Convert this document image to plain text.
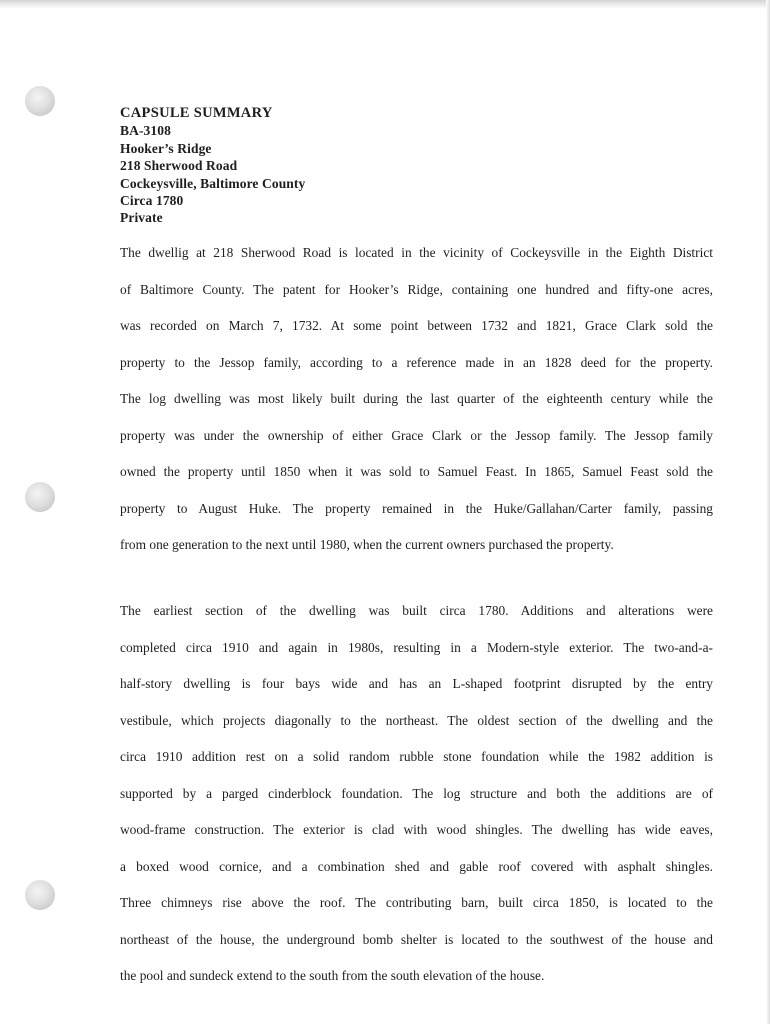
CAPSULE SUMMARY
BA-3108
Hooker’s Ridge
218 Sherwood Road
Cockeysville, Baltimore County
Circa 1780
Private
The dwellig at 218 Sherwood Road is located in the vicinity of Cockeysville in the Eighth District
of Baltimore County. The patent for Hooker’s Ridge, containing one hundred and fifty-one acres,
was recorded on March 7, 1732. At some point between 1732 and 1821, Grace Clark sold the
property to the Jessop family, according to a reference made in an 1828 deed for the property.
The log dwelling was most likely built during the last quarter of the eighteenth century while the
property was under the ownership of either Grace Clark or the Jessop family. The Jessop family
owned the property until 1850 when it was sold to Samuel Feast. In 1865, Samuel Feast sold the
property to August Huke. The property remained in the Huke/Gallahan/Carter family, passing
from one generation to the next until 1980, when the current owners purchased the property.
The earliest section of the dwelling was built circa 1780. Additions and alterations were
completed circa 1910 and again in 1980s, resulting in a Modern-style exterior. The two-and-a-
half-story dwelling is four bays wide and has an L-shaped footprint disrupted by the entry
vestibule, which projects diagonally to the northeast. The oldest section of the dwelling and the
circa 1910 addition rest on a solid random rubble stone foundation while the 1982 addition is
supported by a parged cinderblock foundation. The log structure and both the additions are of
wood-frame construction. The exterior is clad with wood shingles. The dwelling has wide eaves,
a boxed wood cornice, and a combination shed and gable roof covered with asphalt shingles.
Three chimneys rise above the roof. The contributing barn, built circa 1850, is located to the
northeast of the house, the underground bomb shelter is located to the southwest of the house and
the pool and sundeck extend to the south from the south elevation of the house.
